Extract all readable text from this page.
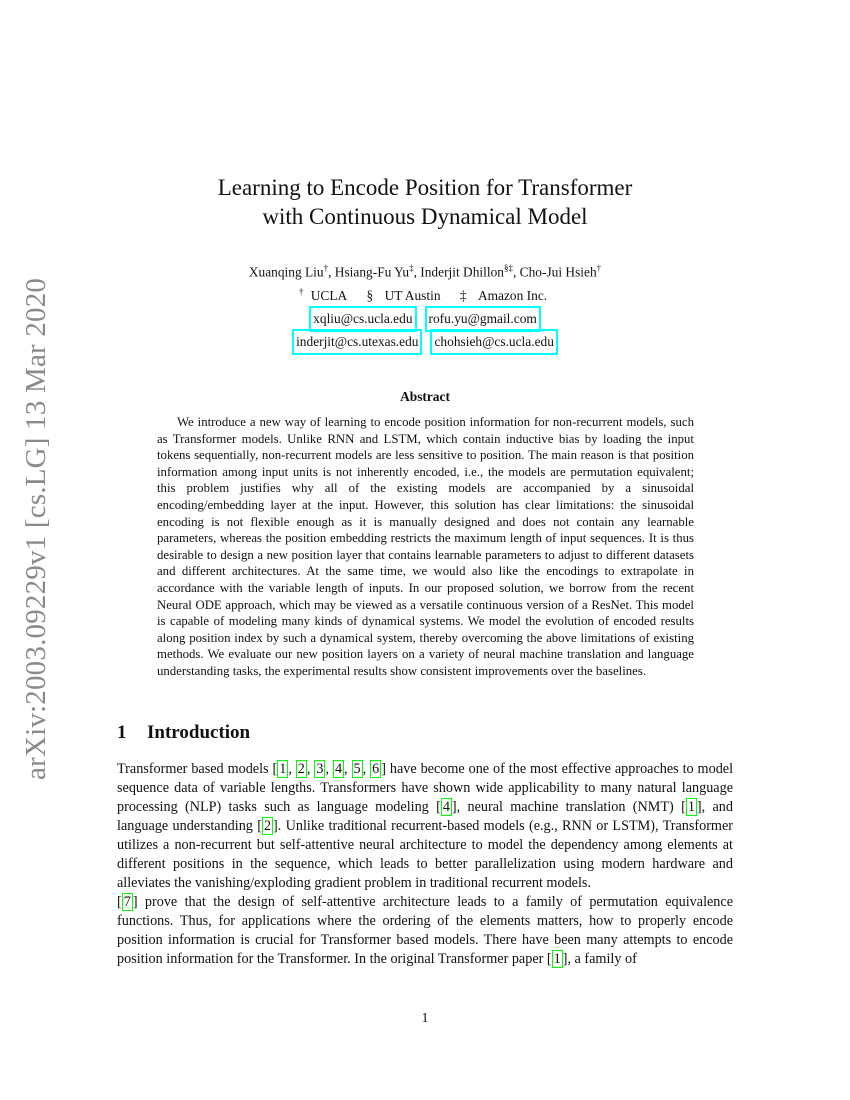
arXiv:2003.09229v1 [cs.LG] 13 Mar 2020
Learning to Encode Position for Transformer
with Continuous Dynamical Model
Xuanqing Liu†, Hsiang-Fu Yu‡, Inderjit Dhillon§‡, Cho-Jui Hsieh†
† UCLA § UT Austin ‡ Amazon Inc.
xqliu@cs.ucla.edu rofu.yu@gmail.com
inderjit@cs.utexas.edu chohsieh@cs.ucla.edu
Abstract

We introduce a new way of learning to encode position information for non-recurrent models, such as Transformer models. Unlike RNN and LSTM, which contain inductive bias by loading the input tokens sequentially, non-recurrent models are less sensitive to position. The main reason is that position information among input units is not inherently encoded, i.e., the models are permutation equivalent; this problem justifies why all of the existing models are accompanied by a sinusoidal encoding/embedding layer at the input. However, this solution has clear limitations: the sinusoidal encoding is not flexible enough as it is manually designed and does not contain any learnable parameters, whereas the position embedding restricts the maximum length of input sequences. It is thus desirable to design a new position layer that contains learnable parameters to adjust to different datasets and different architectures. At the same time, we would also like the encodings to extrapolate in accordance with the variable length of inputs. In our proposed solution, we borrow from the recent Neural ODE approach, which may be viewed as a versatile continuous version of a ResNet. This model is capable of modeling many kinds of dynamical systems. We model the evolution of encoded results along position index by such a dynamical system, thereby overcoming the above limitations of existing methods. We evaluate our new position layers on a variety of neural machine translation and language understanding tasks, the experimental results show consistent improvements over the baselines.

1 Introduction

Transformer based models [ 1 , 2 , 3 , 4 , 5 , 6 ] have become one of the most effective approaches to model sequence data of variable lengths. Transformers have shown wide applicability to many natural language processing (NLP) tasks such as language modeling [ 4 ], neural machine translation (NMT) [ 1 ], and language understanding [ 2 ]. Unlike traditional recurrent-based models (e.g., RNN or LSTM), Transformer utilizes a non-recurrent but self-attentive neural architecture to model the dependency among elements at different positions in the sequence, which leads to better parallelization using modern hardware and alleviates the vanishing/exploding gradient problem in traditional recurrent models.

[ 7 ] prove that the design of self-attentive architecture leads to a family of permutation equivalence functions. Thus, for applications where the ordering of the elements matters, how to properly encode position information is crucial for Transformer based models. There have been many attempts to encode position information for the Transformer. In the original Transformer paper [ 1 ], a family of

1
